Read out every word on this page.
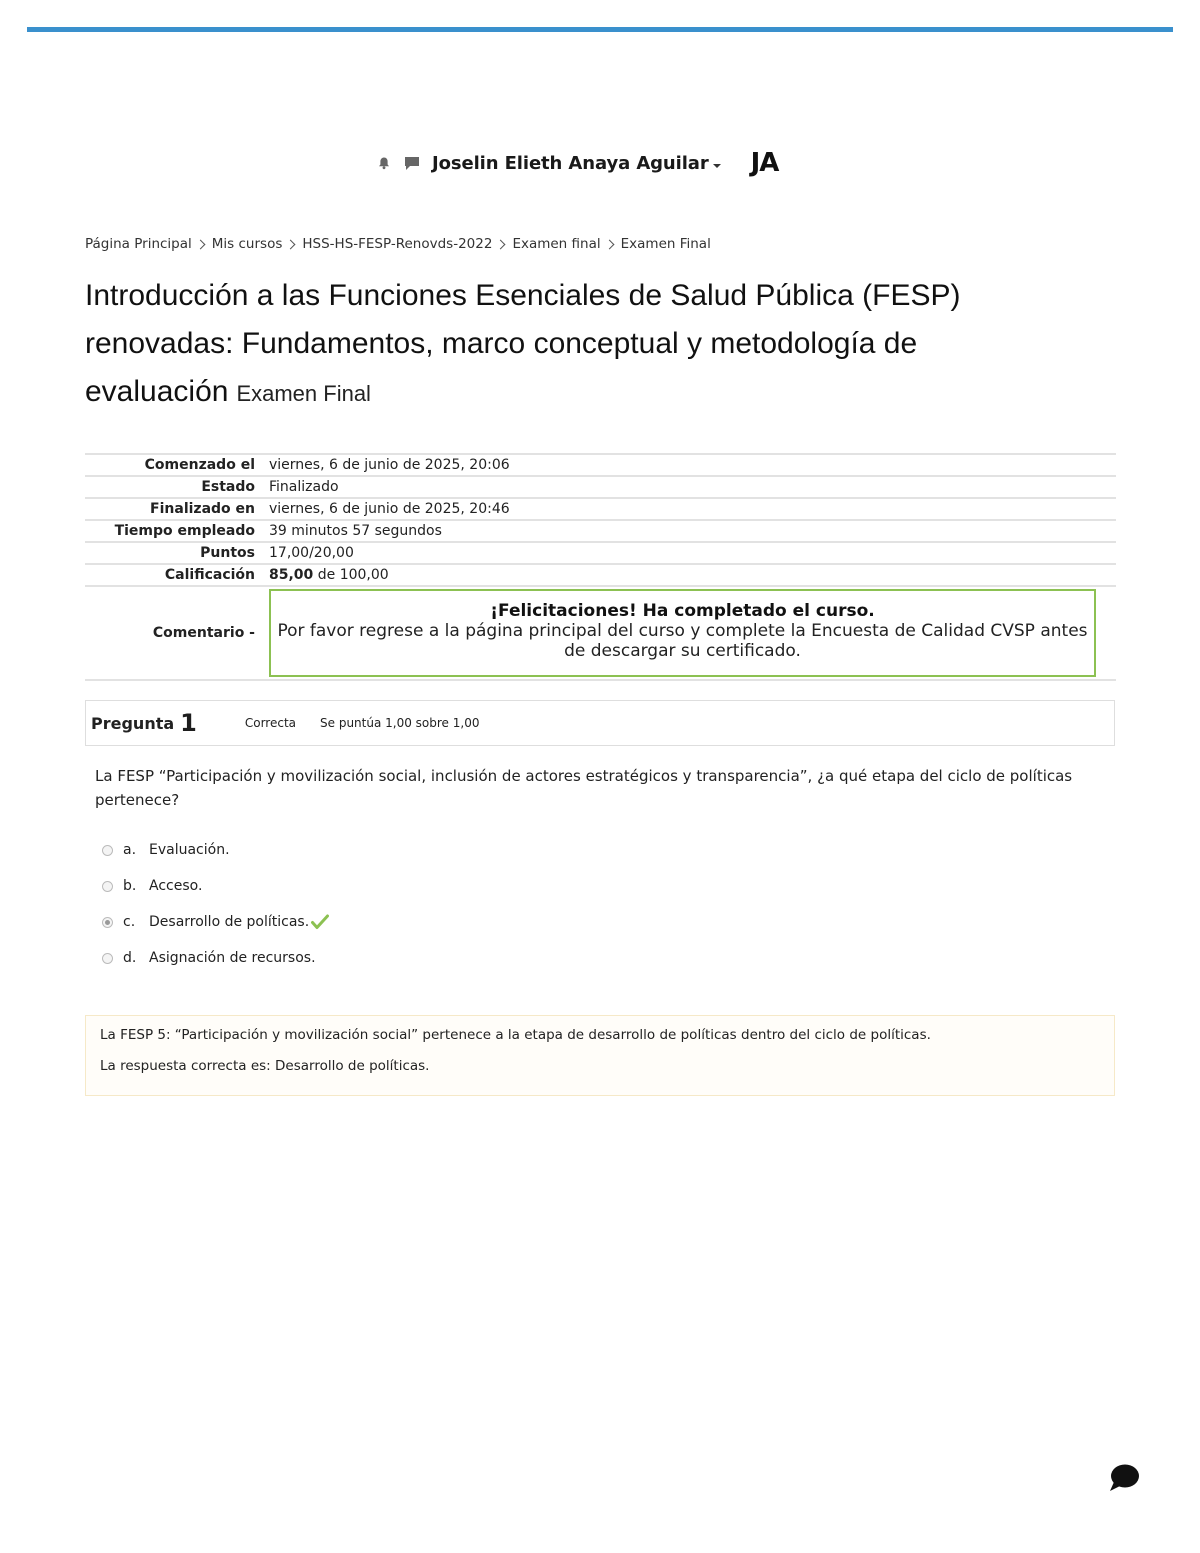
Joselin Elieth Anaya Aguilar JA
Página Principal Mis cursos HSS-HS-FESP-Renovds-2022 Examen final Examen Final
Introducción a las Funciones Esenciales de Salud Pública (FESP) renovadas: Fundamentos, marco conceptual y metodología de evaluación Examen Final
Comenzado el	viernes, 6 de junio de 2025, 20:06
Estado	Finalizado
Finalizado en	viernes, 6 de junio de 2025, 20:46
Tiempo empleado	39 minutos 57 segundos
Puntos	17,00/20,00
Calificación	85,00 de 100,00
Comentario -	¡Felicitaciones! Ha completado el curso.
Por favor regrese a la página principal del curso y complete la Encuesta de Calidad CVSP antes de descargar su certificado.
Pregunta 1	Correcta Se puntúa 1,00 sobre 1,00
La FESP “Participación y movilización social, inclusión de actores estratégicos y transparencia”, ¿a qué etapa del ciclo de políticas pertenece?
a. Evaluación.
b. Acceso.
c. Desarrollo de políticas.
d. Asignación de recursos.

La FESP 5: “Participación y movilización social” pertenece a la etapa de desarrollo de políticas dentro del ciclo de políticas.

La respuesta correcta es: Desarrollo de políticas.
